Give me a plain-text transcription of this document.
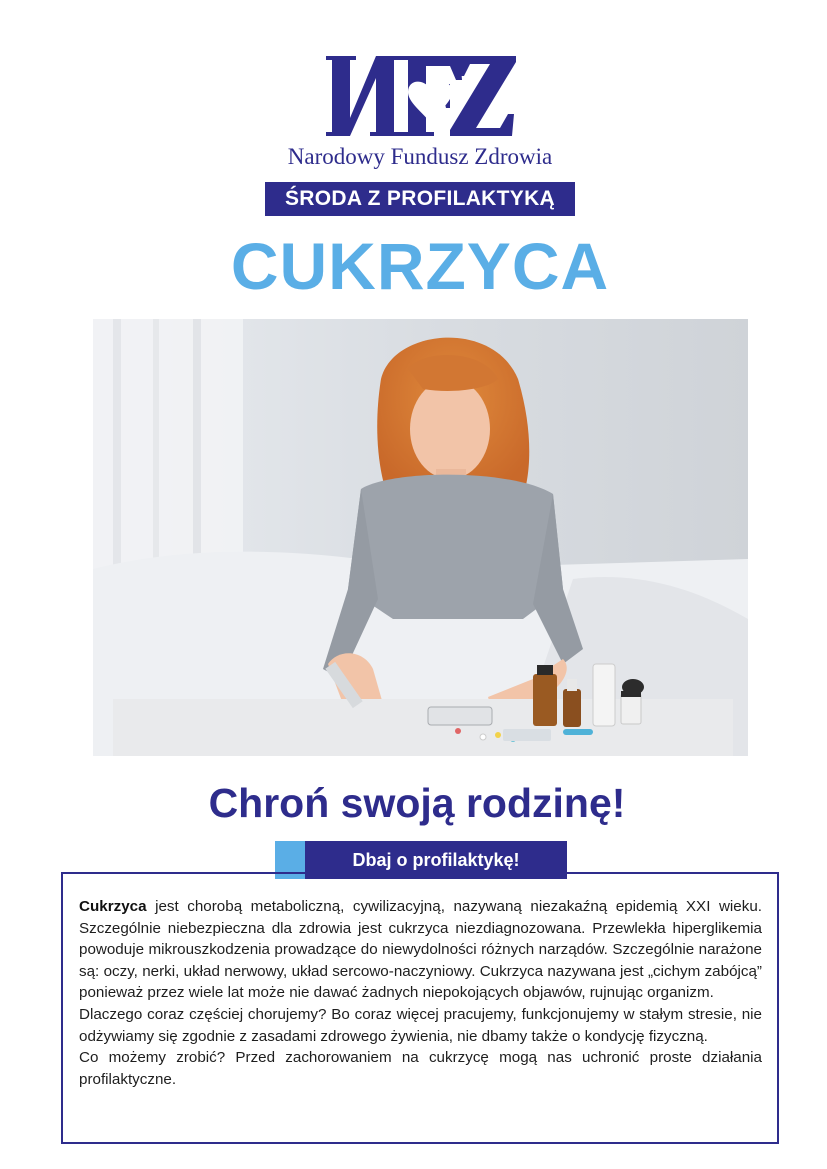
Narodowy Fundusz Zdrowia
ŚRODA Z PROFILAKTYKĄ
CUKRZYCA
Chroń swoją rodzinę!
Dbaj o profilaktykę!

Cukrzyca jest chorobą metaboliczną, cywilizacyjną, nazywaną niezakaźną epidemią XXI wieku. Szczególnie niebezpieczna dla zdrowia jest cukrzyca niezdiagnozowana. Przewlekła hiperglikemia powoduje mikrouszkodzenia prowadzące do niewydolności różnych narządów. Szczególnie narażone są: oczy, nerki, układ nerwowy, układ sercowo-naczyniowy. Cukrzyca nazywana jest „cichym zabójcą” ponieważ przez wiele lat może nie dawać żadnych niepokojących objawów, rujnując organizm.

Dlaczego coraz częściej chorujemy? Bo coraz więcej pracujemy, funkcjonujemy w stałym stresie, nie odżywiamy się zgodnie z zasadami zdrowego żywienia, nie dbamy także o kondycję fizyczną.

Co możemy zrobić? Przed zachorowaniem na cukrzycę mogą nas uchronić proste działania profilaktyczne.
